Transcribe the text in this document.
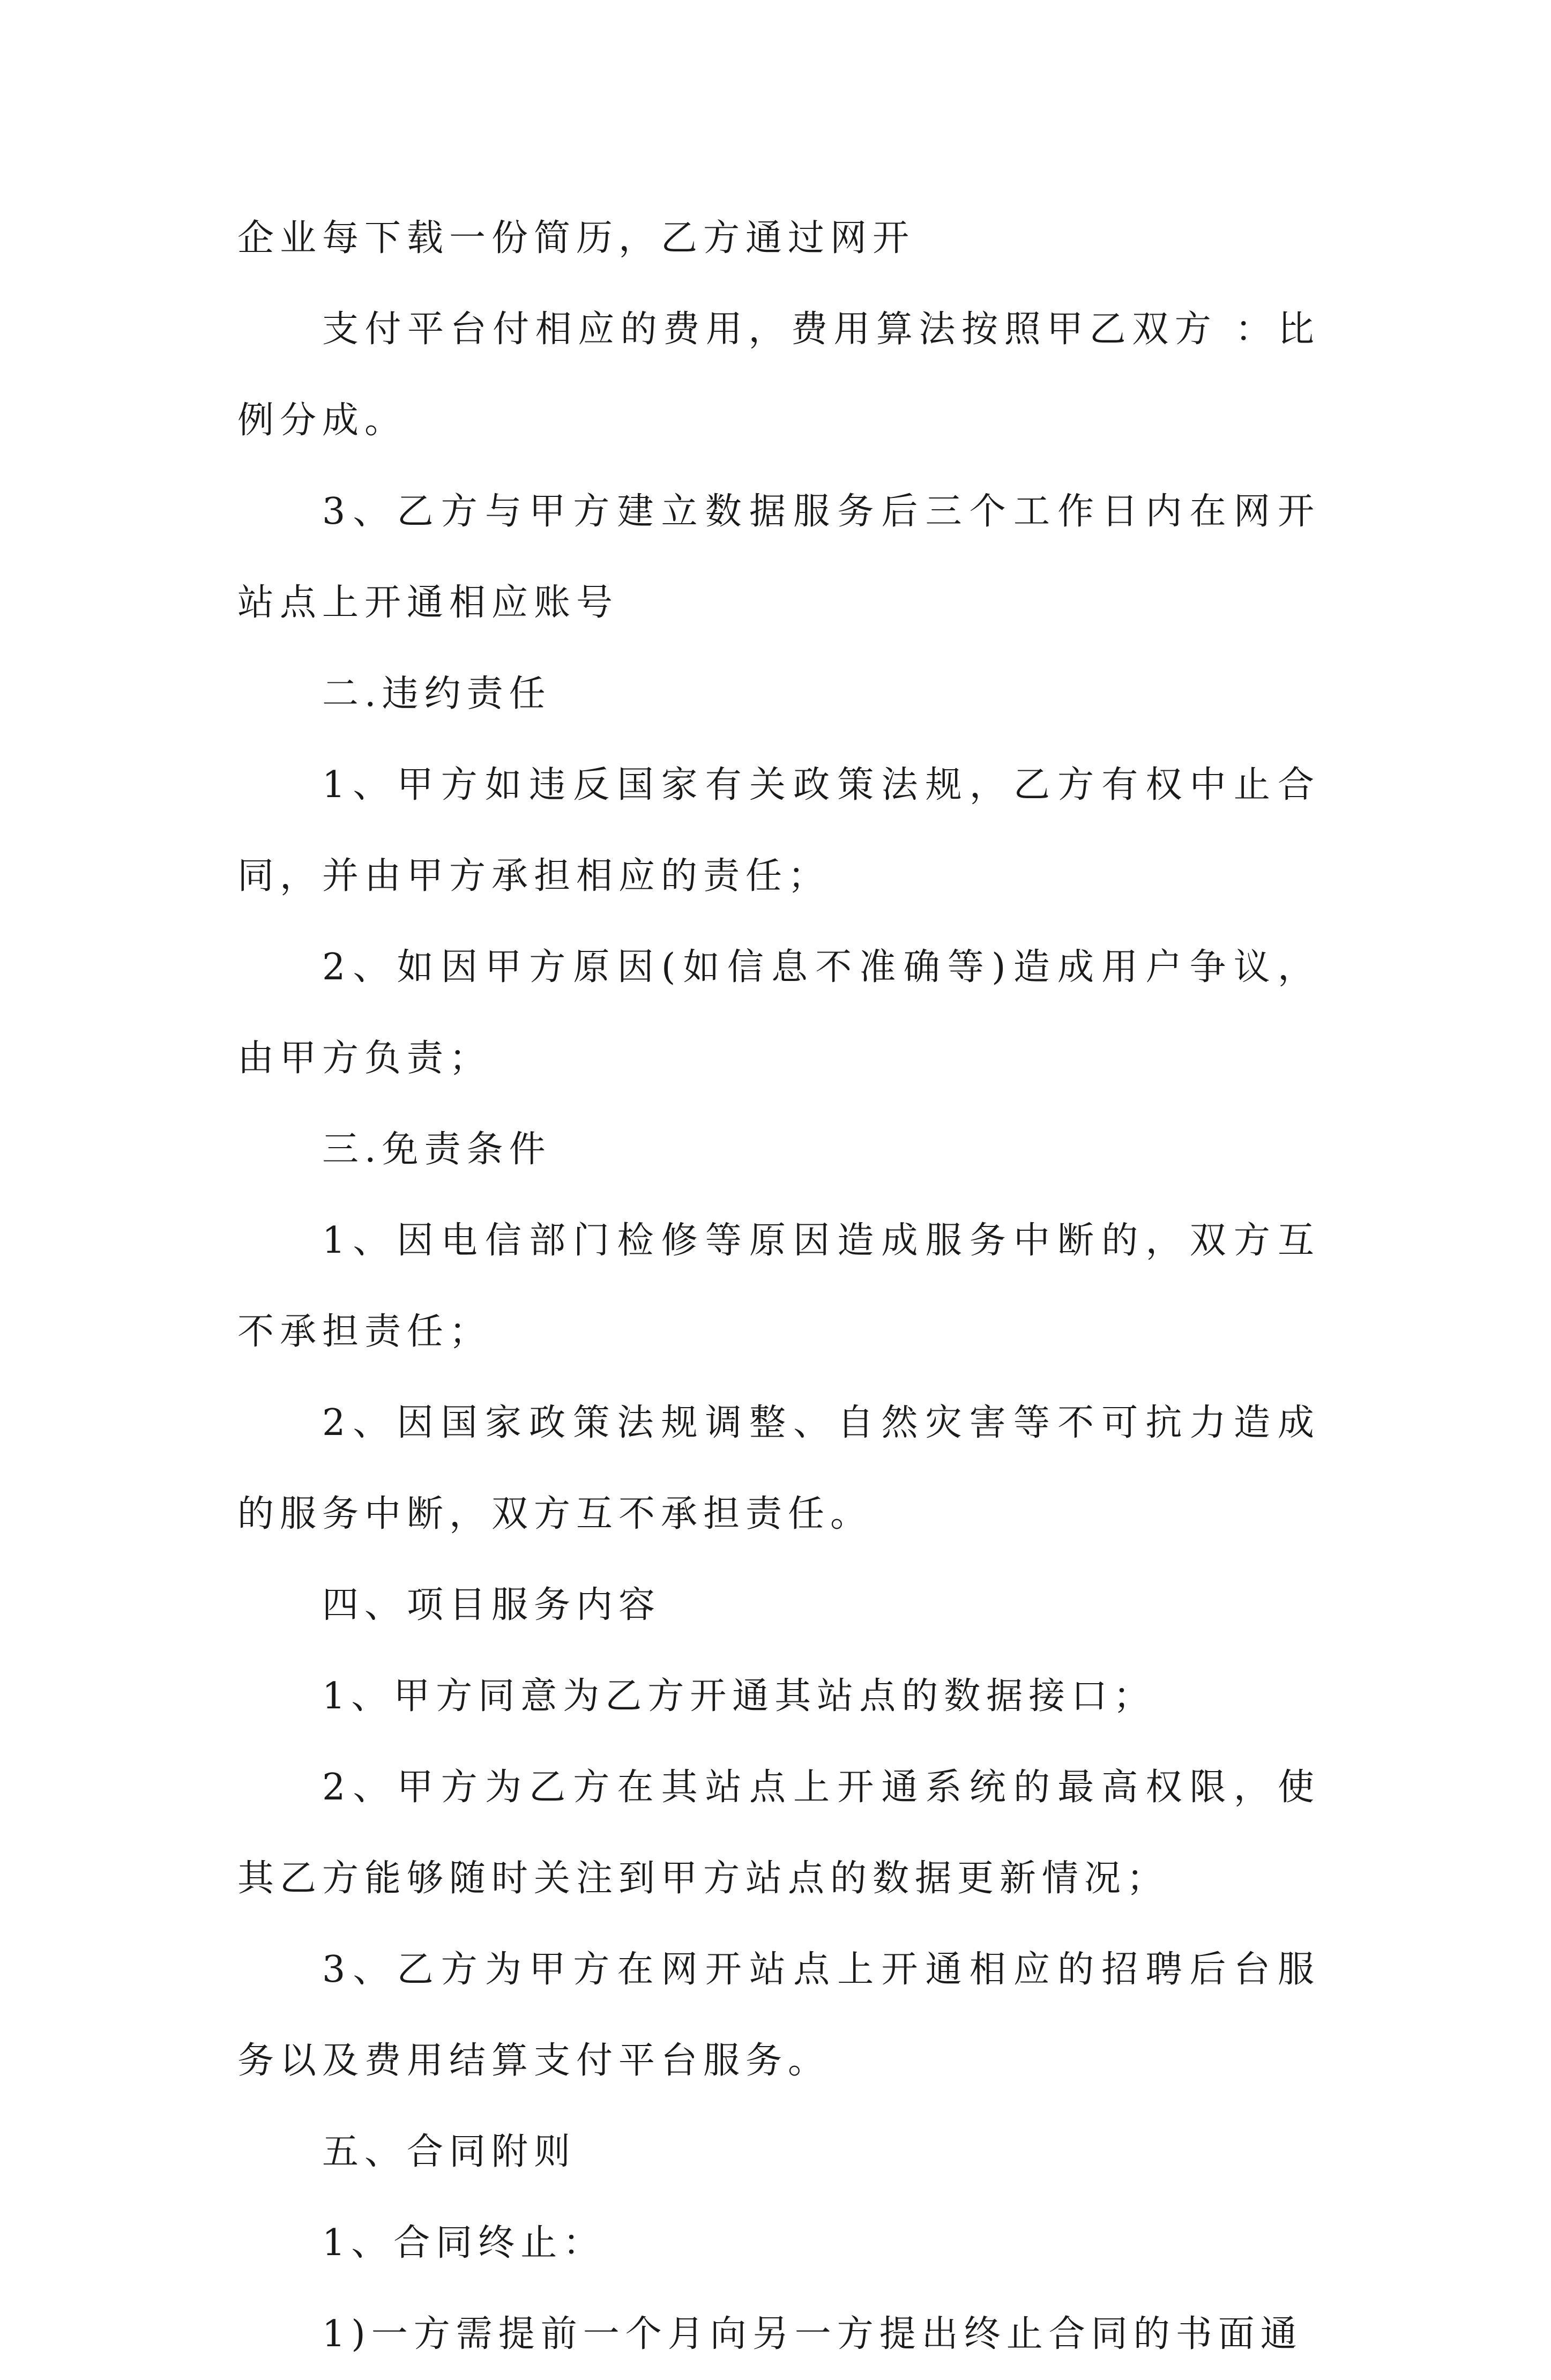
企业每下载一份简历，乙方通过网开

支付平台付相应的费用，费用算法按照甲乙双方 ：比例分成。

3、乙方与甲方建立数据服务后三个工作日内在网开站点上开通相应账号

二.违约责任

1、甲方如违反国家有关政策法规，乙方有权中止合同，并由甲方承担相应的责任；

2、如因甲方原因(如信息不准确等)造成用户争议，由甲方负责；

三.免责条件

1、因电信部门检修等原因造成服务中断的，双方互不承担责任；

2、因国家政策法规调整、自然灾害等不可抗力造成的服务中断，双方互不承担责任。

四、项目服务内容

1、甲方同意为乙方开通其站点的数据接口；

2、甲方为乙方在其站点上开通系统的最高权限，使其乙方能够随时关注到甲方站点的数据更新情况；

3、乙方为甲方在网开站点上开通相应的招聘后台服务以及费用结算支付平台服务。

五、合同附则

1、合同终止：

1)一方需提前一个月向另一方提出终止合同的书面通
